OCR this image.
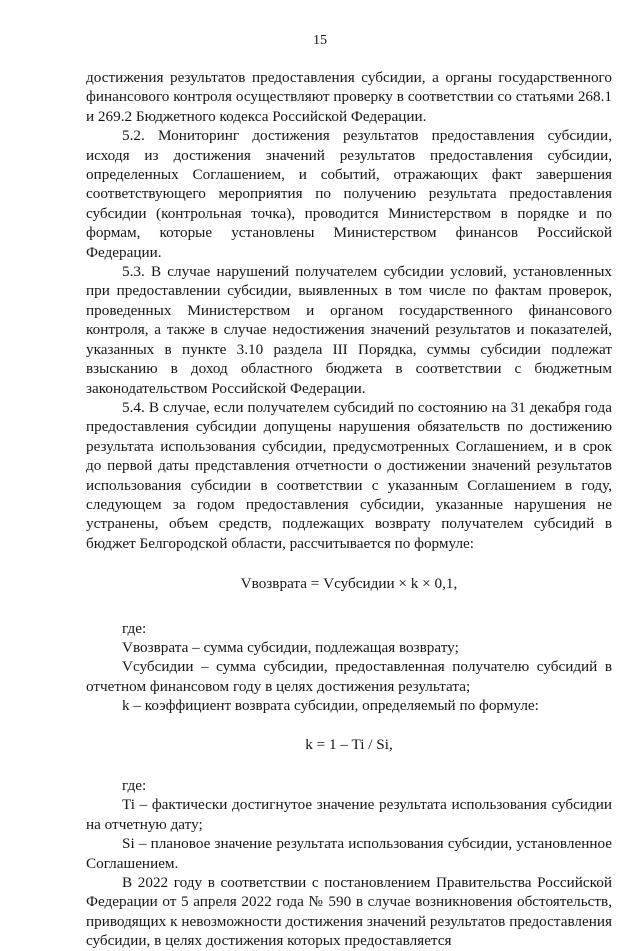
15

достижения результатов предоставления субсидии, а органы государственного финансового контроля осуществляют проверку в соответствии со статьями 268.1 и 269.2 Бюджетного кодекса Российской Федерации.

5.2. Мониторинг достижения результатов предоставления субсидии, исходя из достижения значений результатов предоставления субсидии, определенных Соглашением, и событий, отражающих факт завершения соответствующего мероприятия по получению результата предоставления субсидии (контрольная точка), проводится Министерством в порядке и по формам, которые установлены Министерством финансов Российской Федерации.

5.3. В случае нарушений получателем субсидии условий, установленных при предоставлении субсидии, выявленных в том числе по фактам проверок, проведенных Министерством и органом государственного финансового контроля, а также в случае недостижения значений результатов и показателей, указанных в пункте 3.10 раздела III Порядка, суммы субсидии подлежат взысканию в доход областного бюджета в соответствии с бюджетным законодательством Российской Федерации.

5.4. В случае, если получателем субсидий по состоянию на 31 декабря года предоставления субсидии допущены нарушения обязательств по достижению результата использования субсидии, предусмотренных Соглашением, и в срок до первой даты представления отчетности о достижении значений результатов использования субсидии в соответствии с указанным Соглашением в году, следующем за годом предоставления субсидии, указанные нарушения не устранены, объем средств, подлежащих возврату получателем субсидий в бюджет Белгородской области, рассчитывается по формуле:

Vвозврата = Vсубсидии × k × 0,1,

где:

Vвозврата – сумма субсидии, подлежащая возврату;

Vсубсидии – сумма субсидии, предоставленная получателю субсидий в отчетном финансовом году в целях достижения результата;

k – коэффициент возврата субсидии, определяемый по формуле:

k = 1 – Ti / Si,

где:

Ti – фактически достигнутое значение результата использования субсидии на отчетную дату;

Si – плановое значение результата использования субсидии, установленное Соглашением.

В 2022 году в соответствии с постановлением Правительства Российской Федерации от 5 апреля 2022 года № 590 в случае возникновения обстоятельств, приводящих к невозможности достижения значений результатов предоставления субсидии, в целях достижения которых предоставляется
